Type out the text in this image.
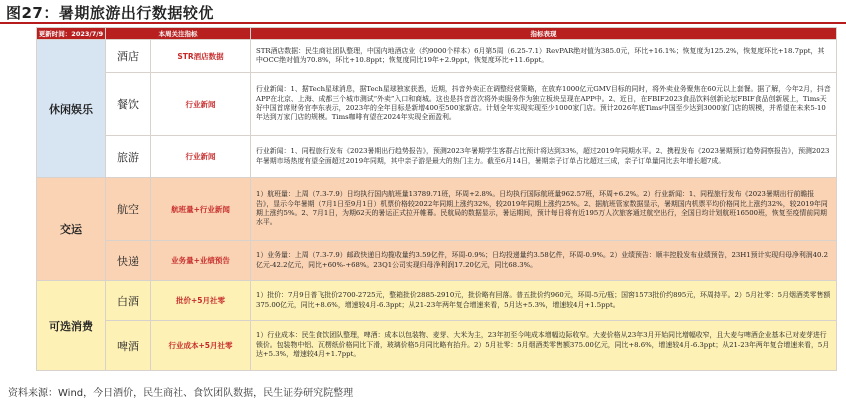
图27：暑期旅游出行数据较优
更新时间：2023/7/9	本周关注指标		指标表现
休闲娱乐	酒店	STR酒店数据	STR酒店数据：民生商社团队整理，中国内地酒店业（约9000个样本）6月第5周（6.25-7.1）RevPAR绝对值为385.0元，环比+16.1%；恢复度为125.2%，恢复度环比+18.7ppt，其中OCC绝对值为70.8%，环比+10.8ppt；恢复度同比19年+2.9ppt，恢复度环比+11.6ppt。
	餐饮	行业新闻	行业新闻：1、据Tech星球消息，据Tech星球独家获悉，近期，抖音外卖正在调整经营策略，在放弃1000亿元GMV目标的同时，将外卖业务聚焦在60元以上套餐。据了解，今年2月，抖音APP在北京、上海、成都三个城市测试“外卖”入口和商城。这也是抖音首次将外卖服务作为独立板块呈现在APP中。2、近日，在FBIF2023食品饮料创新论坛FBIF食品创新展上，Tims天好中国首席财务官李东表示，2023年的全年目标是新增400至500家新店。计划全年实现实现至少1000家门店。预计2026年底Tims中国至少达到3000家门店的规模，并希望在未来5-10年达到万家门店的规模。Tims咖啡有望在2024年实现全面盈利。
	旅游	行业新闻	行业新闻：1、同程旅行发布《2023暑期出行趋势报告》，预测2023年暑期学生客群占比预计将达到33%，超过2019年同期水平。2、携程发布《2023暑期预订趋势洞察报告》，预测2023年暑期市场热度有望全面超过2019年同期，其中亲子游是最大的热门主力。截至6月14日，暑期亲子订单占比超过三成，亲子订单量同比去年增长超7成。
交运	航空	航班量+行业新闻	1）航班量：上周（7.3-7.9）日均执行国内航班量13789.71班，环周+2.8%。日均执行国际航班量962.57班，环周+6.2%。2）行业新闻：1、同程旅行发布《2023暑期出行前瞻报告》，显示今年暑期（7月1日至9月1日）机票价格较2022年同期上涨约32%，较2019年同期上涨约25%。2、据航班管家数据显示，暑期国内机票平均价格同比上涨约32%，较2019年同期上涨约5%。2、7月1日，为期62天的暑运正式拉开帷幕。民航局的数据显示，暑运期间，预计每日将有近195万人次旅客通过航空出行，全国日均计划航班16500班，恢复至疫情前同期水平。
	快递	业务量+业绩预告	1）业务量：上周（7.3-7.9）邮政快递日均揽收量约3.59亿件，环周-0.9%；日均投递量约3.58亿件，环周-0.9%。2）业绩预告：顺丰控股发布业绩预告，23H1预计实现归母净利润40.2亿元-42.2亿元，同比+60%-+68%。23Q1公司实现归母净利润17.20亿元，同比68.3%。
可选消费	白酒	批价+5月社零	1）批价：7月9日普飞批价2700-2725元，整箱批价2885-2910元，批价略有回落。普五批价约960元，环周-5元/瓶；国窖1573批价约895元，环周持平。2）5月社零：5月烟酒类零售额375.00亿元，同比+8.6%，增速较4月-6.3ppt；从21-23年两年复合增速来看，5月达+5.3%，增速较4月+1.5ppt。
	啤酒	行业成本+5月社零	1）行业成本：民生食饮团队整理，啤酒：成本以包装物、麦芽、大米为主，23年初至今吨成本增幅边际收窄。大麦价格从23年3月开始同比增幅收窄，且大麦与啤酒企业基本已对麦芽进行锁价。包装物中铝、瓦楞纸价格同比下滑，玻璃价格5月同比略有抬升。2）5月社零：5月烟酒类零售额375.00亿元，同比+8.6%，增速较4月-6.3ppt；从21-23年两年复合增速来看，5月达+5.3%，增速较4月+1.7ppt。
资料来源：Wind，今日酒价，民生商社、食饮团队数据，民生证券研究院整理
